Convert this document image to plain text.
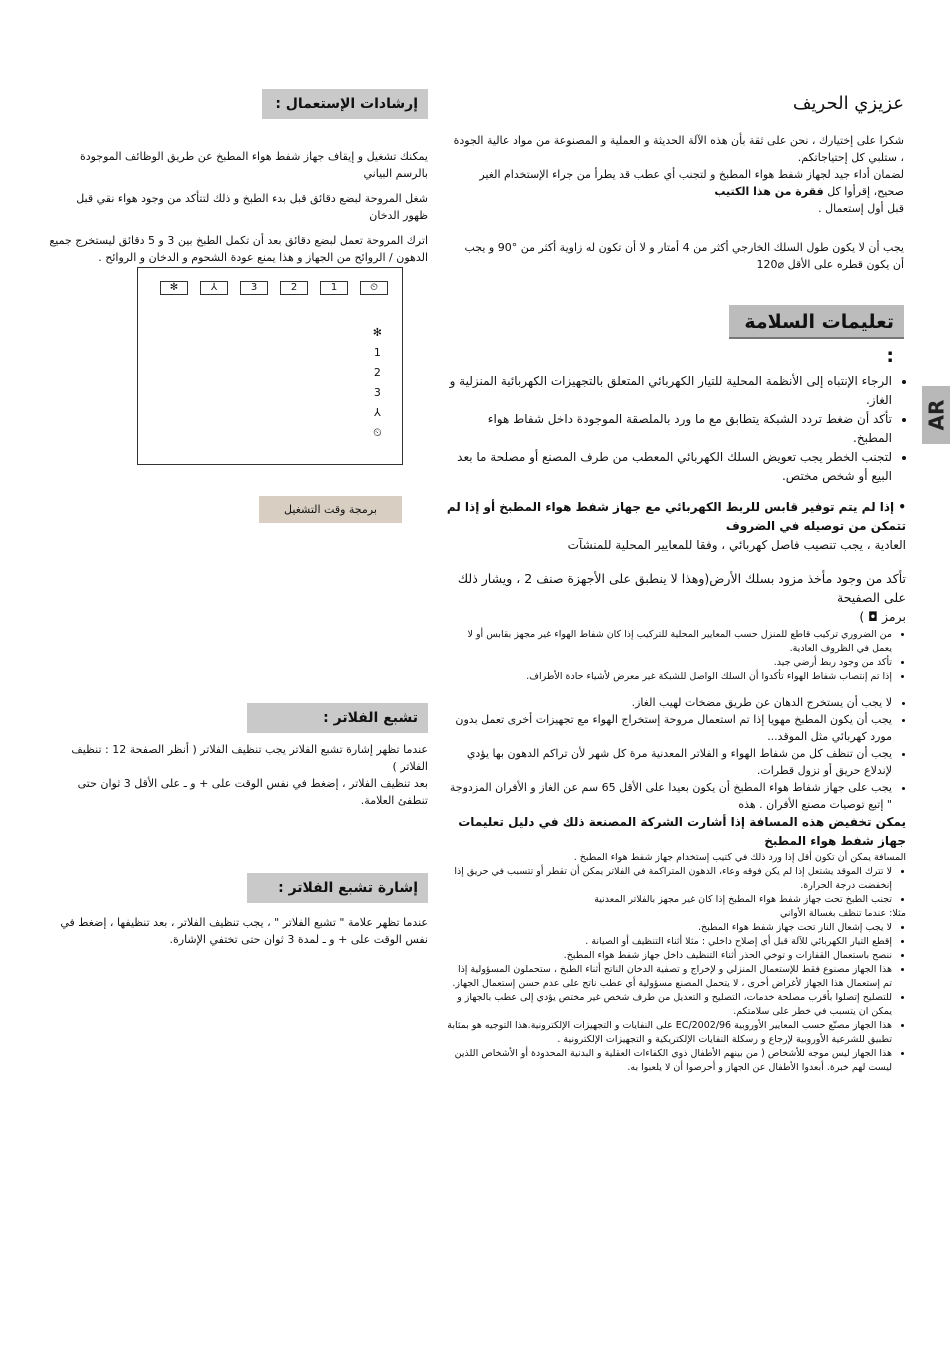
AR
إرشادات الإستعمال :

يمكنك تشغيل و إيقاف جهاز شفط هواء المطبخ عن طريق الوظائف الموجودة بالرسم البياني

شغل المروحة لبضع دقائق قبل بدء الطبخ و ذلك لتتأكد من وجود هواء نقي قبل ظهور الدخان

اترك المروحة تعمل لبضع دقائق بعد أن تكمل الطبخ بين 3 و 5 دقائق ليستخرج جميع الدهون / الروائح من الجهاز و هذا يمنع عودة الشحوم و الدخان و الروائح .

⏲
1
2
3
⅄
✻
✻
1
2
3
⅄
⏲
برمجة وقت التشغيل
تشبع الفلاتر :

عندما تظهر إشارة تشبع الفلاتر يجب تنظيف الفلاتر ( أنظر الصفحة 12 : تنظيف الفلاتر )

بعد تنظيف الفلاتر ، إضغط في نفس الوقت على + و ـ على الأقل 3 ثوان حتى تنطفئ العلامة.

إشارة تشبع الفلاتر :

عندما تظهر علامة " تشبع الفلاتر " ، يجب تنظيف الفلاتر ، بعد تنظيفها ، إضغط في نفس الوقت على + و ـ لمدة 3 ثوان حتى تختفي الإشارة.

عزيزي الحريف

شكرا على إختيارك ، نحن على ثقة بأن هذه الآلة الحديثة و العملية و المصنوعة من مواد عالية الجودة ، ستلبي كل إحتياجاتكم.

لضمان أداء جيد لجهاز شفط هواء المطبخ و لتجنب أي عطب قد يطرأ من جراء الإستخدام الغير صحيح، إقرأوا كل فقرة من هذا الكتيب

قبل أول إستعمال .

يجب أن لا يكون طول السلك الخارجي أكثر من 4 أمتار و لا أن تكون له زاوية أكثر من °90 و يجب أن يكون قطره على الأقل ⌀120

تعليمات السلامة :
• الرجاء الإنتباه إلى الأنظمة المحلية للتيار الكهربائي المتعلق بالتجهيزات الكهربائية المنزلية و الغاز.
• تأكد أن ضغط تردد الشبكة يتطابق مع ما ورد بالملصقة الموجودة داخل شفاط هواء المطبخ.
• لتجنب الخطر يجب تعويض السلك الكهربائي المعطب من طرف المصنع أو مصلحة ما بعد البيع أو شخص مختص.

• إذا لم يتم توفير قابس للربط الكهربائي مع جهاز شفط هواء المطبخ أو إذا لم تتمكن من توصيله في الضروف

العادية ، يجب تنصيب فاصل كهربائي ، وفقا للمعايير المحلية للمنشآت

تأكد من وجود مأخذ مزود بسلك الأرض(وهذا لا ينطبق على الأجهزة صنف 2 ، ويشار ذلك على الصفيحة

برمز ◘ )

• من الضروري تركيب قاطع للمنزل حسب المعايير المحلية للتركيب إذا كان شفاط الهواء غير مجهز بقابس أو لا يعمل في الظروف العادية.
• تأكد من وجود ربط أرضي جيد.
• إذا تم إنتصاب شفاط الهواء تأكدوا أن السلك الواصل للشبكة غير معرض لأشياء حادة الأطراف.
• لا يجب أن يستخرج الدهان عن طريق مضخات لهيب الغاز.
• يجب أن يكون المطبخ مهويا إذا تم استعمال مروحة إستخراج الهواء مع تجهيزات أخرى تعمل بدون مورد كهربائي مثل الموقد...
• يجب أن تنظف كل من شفاط الهواء و الفلاتر المعدنية مرة كل شهر لأن تراكم الدهون بها يؤدي لإندلاع حريق أو نزول قطرات.
• يجب على جهاز شفاط هواء المطبخ أن يكون بعيدا على الأقل 65 سم عن الغاز و الأفران المزدوجة " إتبع توصيات مصنع الأفران . هذه

يمكن تخفيض هذه المسافة إذا أشارت الشركة المصنعة ذلك في دليل تعليمات جهاز شفط هواء المطبخ

المسافة يمكن أن تكون أقل إذا ورد ذلك في كتيب إستخدام جهاز شفط هواء المطبخ .

• لا تترك الموقد يشتعل إذا لم يكن فوقه وعاء، الدهون المتراكمة في الفلاتر يمكن أن تقطر أو تتسبب في حريق إذا إنخفضت درجة الحرارة.
• تجنب الطبخ تحت جهاز شفط هواء المطبخ إذا كان غير مجهز بالفلاتر المعدنية

مثلا: عندما تنظف بغسالة الأواني

• لا يجب إشعال النار تحت جهاز شفط هواء المطبخ.
• إقطع التيار الكهربائي للآلة قبل أي إصلاح داخلي : مثلا أثناء التنظيف أو الصيانة .
• ننصح باستعمال القفازات و توخي الحذر أثناء التنظيف داخل جهاز شفط هواء المطبخ.
• هذا الجهاز مصنوع فقط للإستعمال المنزلي و لإخراج و تصفية الدخان الناتج أثناء الطبخ ، ستحملون المسؤولية إذا تم إستعمال هذا الجهاز لأغراض أخرى ، لا يتحمل المصنع مسؤولية أي عطب ناتج على عدم حسن إستعمال الجهاز.
• للتصليح إتصلوا بأقرب مصلحة خدمات، التصليح و التعديل من طرف شخص غير مختص يؤدي إلى عطب بالجهاز و يمكن ان يتسبب في خطر على سلامتكم.
• هذا الجهاز مصنّع حسب المعايير الأوروبية 2002/96/EC على النفايات و التجهيزات الإلكترونية.هذا التوجيه هو بمثابة تطبيق للشرعية الأوروبية لإرجاع و رسكلة النفايات الإلكتريكية و التجهيزات الإلكترونية .
• هذا الجهاز ليس موجه للأشخاص ( من بينهم الأطفال ذوي الكفاءات العقلية و البدنية المحدودة أو الأشخاص اللذين ليست لهم خبرة. أبعدوا الأطفال عن الجهاز و أحرصوا أن لا يلعبوا به.
